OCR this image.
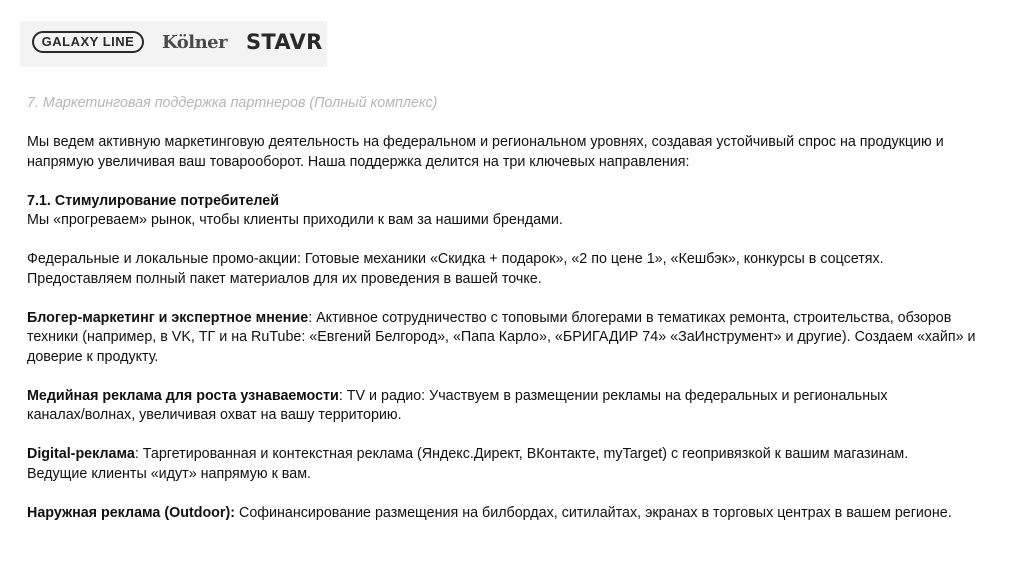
GALAXY LINE	Kölner STAVR

7. Маркетинговая поддержка партнеров (Полный комплекс)

Мы ведем активную маркетинговую деятельность на федеральном и региональном уровнях, создавая устойчивый спрос на продукцию и

напрямую увеличивая ваш товарооборот. Наша поддержка делится на три ключевых направления:

7.1. Стимулирование потребителей

Мы «прогреваем» рынок, чтобы клиенты приходили к вам за нашими брендами.

Федеральные и локальные промо-акции: Готовые механики «Скидка + подарок», «2 по цене 1», «Кешбэк», конкурсы в соцсетях.

Предоставляем полный пакет материалов для их проведения в вашей точке.

Блогер-маркетинг и экспертное мнение: Активное сотрудничество с топовыми блогерами в тематиках ремонта, строительства, обзоров

техники (например, в VK, ТГ и на RuTube: «Евгений Белгород», «Папа Карло», «БРИГАДИР 74» «ЗаИнструмент» и другие). Создаем «хайп» и

доверие к продукту.

Медийная реклама для роста узнаваемости: TV и радио: Участвуем в размещении рекламы на федеральных и региональных

каналах/волнах, увеличивая охват на вашу территорию.

Digital-реклама: Таргетированная и контекстная реклама (Яндекс.Директ, ВКонтакте, myTarget) с геопривязкой к вашим магазинам.

Ведущие клиенты «идут» напрямую к вам.

Наружная реклама (Outdoor): Софинансирование размещения на билбордах, ситилайтах, экранах в торговых центрах в вашем регионе.
